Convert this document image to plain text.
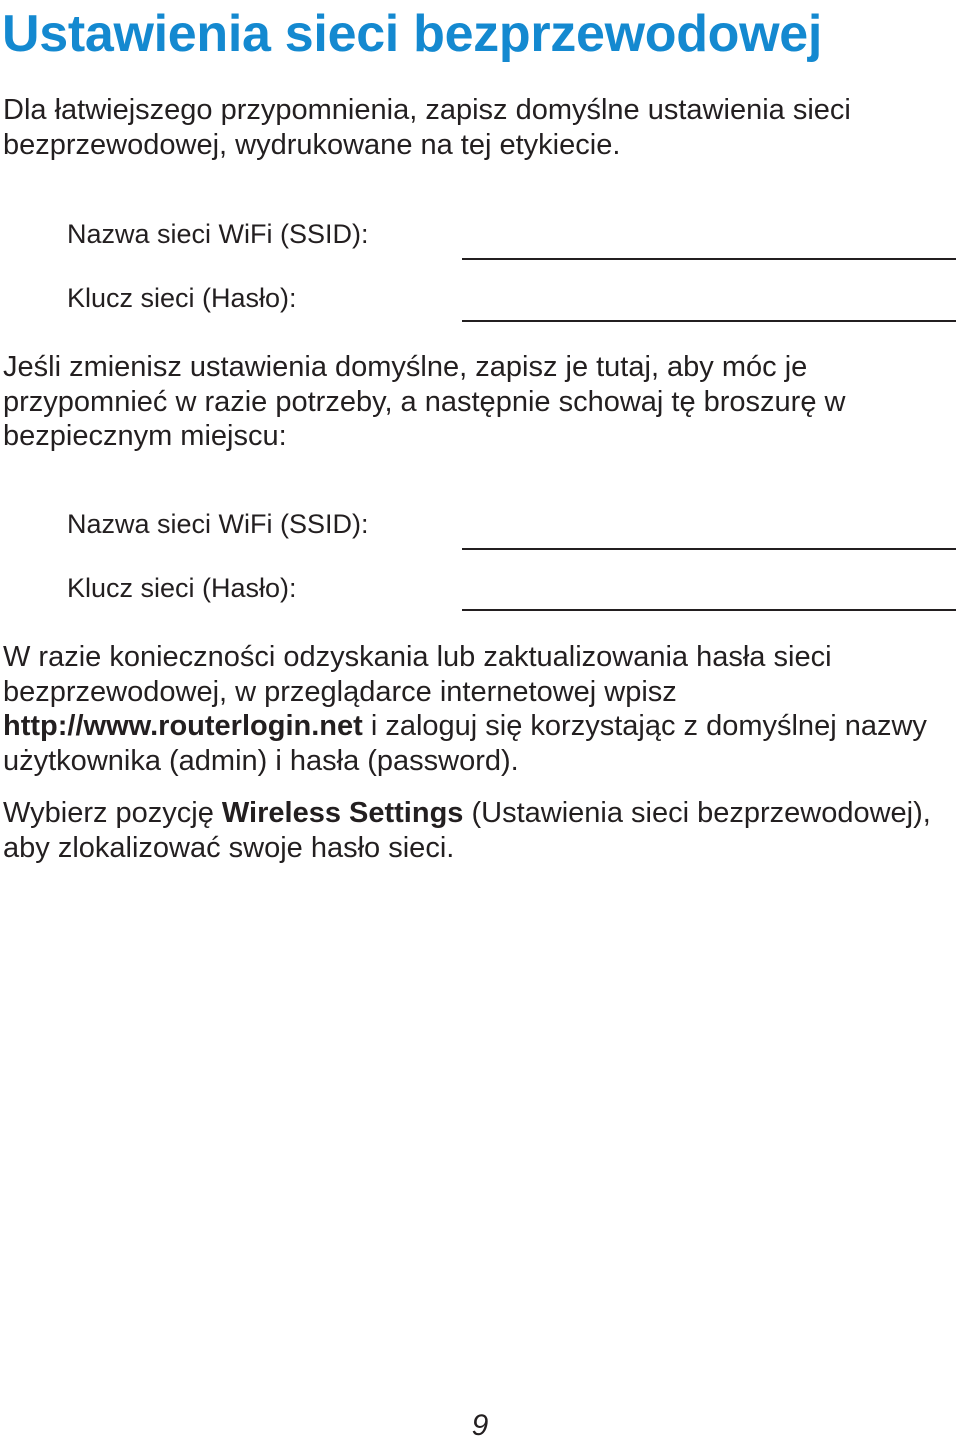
Ustawienia sieci bezprzewodowej

Dla łatwiejszego przypomnienia, zapisz domyślne ustawienia sieci bezprzewodowej, wydrukowane na tej etykiecie.

Nazwa sieci WiFi (SSID):
Klucz sieci (Hasło):

Jeśli zmienisz ustawienia domyślne, zapisz je tutaj, aby móc je przypomnieć w razie potrzeby, a następnie schowaj tę broszurę w bezpiecznym miejscu:

Nazwa sieci WiFi (SSID):
Klucz sieci (Hasło):

W razie konieczności odzyskania lub zaktualizowania hasła sieci bezprzewodowej, w przeglądarce internetowej wpisz http://www.routerlogin.net i zaloguj się korzystając z domyślnej nazwy użytkownika (admin) i hasła (password).

Wybierz pozycję Wireless Settings (Ustawienia sieci bezprzewodowej), aby zlokalizować swoje hasło sieci.

9
